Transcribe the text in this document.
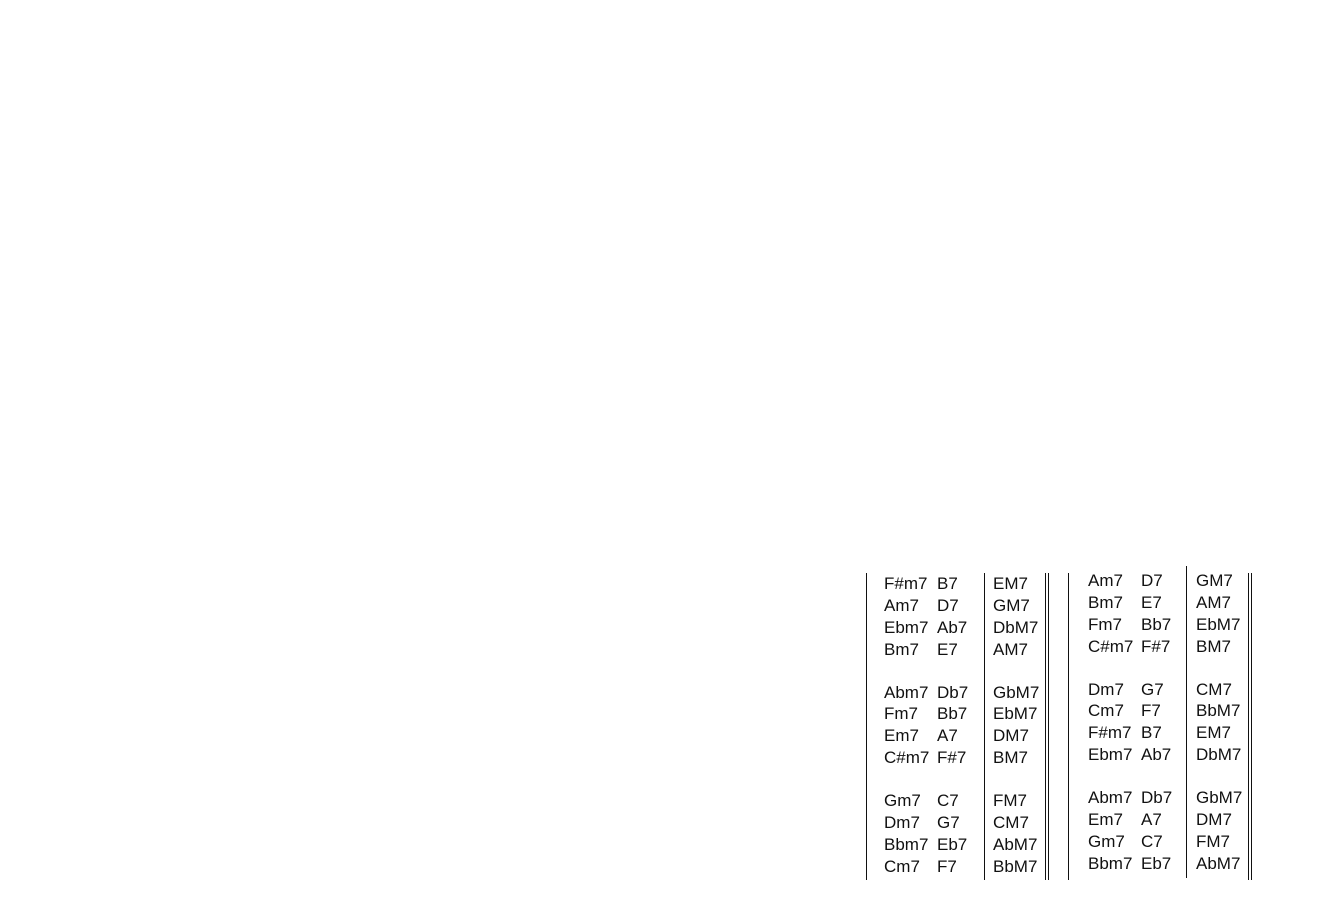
F#m7
Am7
Ebm7
Bm7
Abm7
Fm7
Em7
C#m7
Gm7
Dm7
Bbm7
Cm7
B7
D7
Ab7
E7
Db7
Bb7
A7
F#7
C7
G7
Eb7
F7
EM7
GM7
DbM7
AM7
GbM7
EbM7
DM7
BM7
FM7
CM7
AbM7
BbM7
Am7
Bm7
Fm7
C#m7
Dm7
Cm7
F#m7
Ebm7
Abm7
Em7
Gm7
Bbm7
D7
E7
Bb7
F#7
G7
F7
B7
Ab7
Db7
A7
C7
Eb7
GM7
AM7
EbM7
BM7
CM7
BbM7
EM7
DbM7
GbM7
DM7
FM7
AbM7
